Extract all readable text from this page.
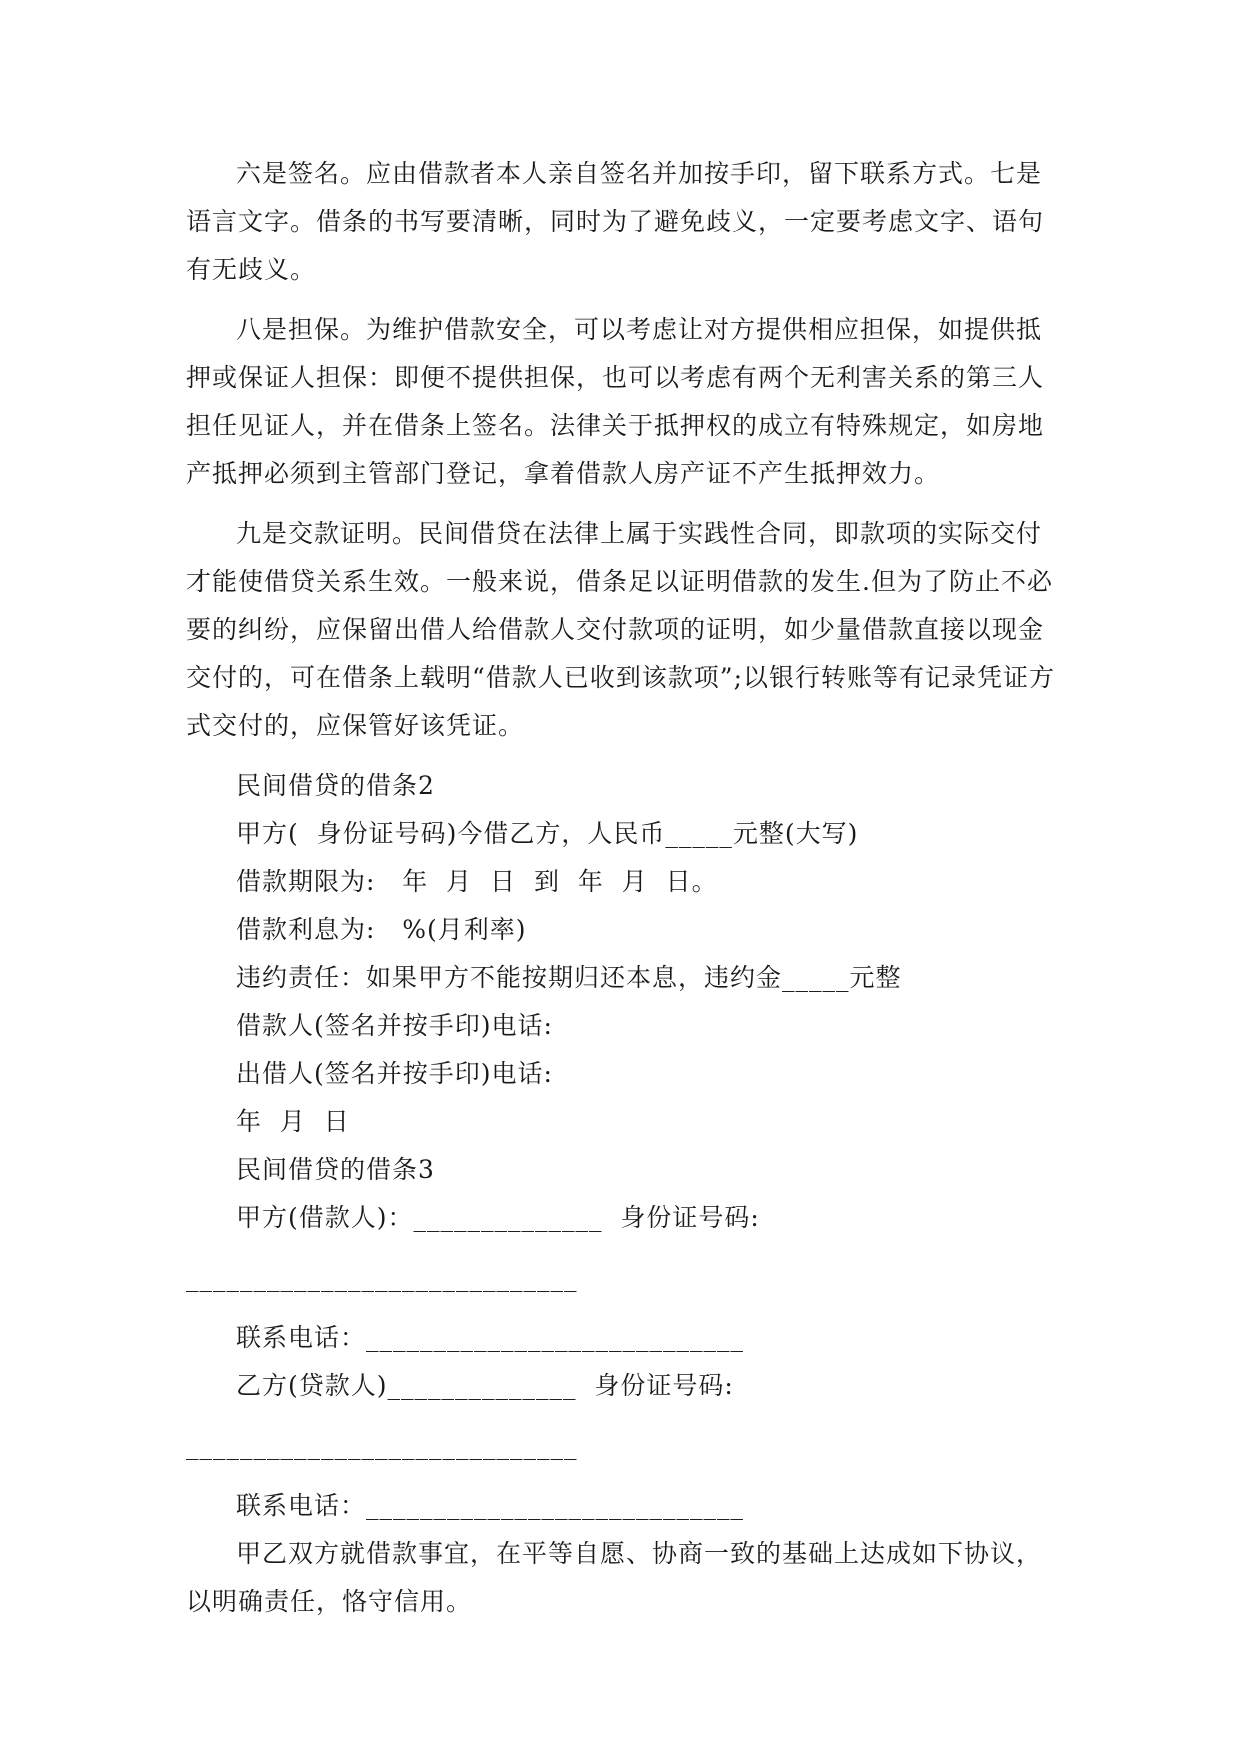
六是签名。应由借款者本人亲自签名并加按手印，留下联系方式。七是语言文字。借条的书写要清晰，同时为了避免歧义，一定要考虑文字、语句有无歧义。

八是担保。为维护借款安全，可以考虑让对方提供相应担保，如提供抵押或保证人担保：即便不提供担保，也可以考虑有两个无利害关系的第三人担任见证人，并在借条上签名。法律关于抵押权的成立有特殊规定，如房地产抵押必须到主管部门登记，拿着借款人房产证不产生抵押效力。

九是交款证明。民间借贷在法律上属于实践性合同，即款项的实际交付才能使借贷关系生效。一般来说，借条足以证明借款的发生.但为了防止不必要的纠纷，应保留出借人给借款人交付款项的证明，如少量借款直接以现金交付的，可在借条上载明“借款人已收到该款项”;以银行转账等有记录凭证方式交付的，应保管好该凭证。

民间借贷的借条2

甲方(  身份证号码)今借乙方，人民币_____元整(大写)

借款期限为:   年  月  日  到  年  月  日。

借款利息为:   %(月利率)

违约责任：如果甲方不能按期归还本息，违约金_____元整

借款人(签名并按手印)电话:

出借人(签名并按手印)电话:

年  月  日

民间借贷的借条3

甲方(借款人)：______________  身份证号码:

_____________________________

联系电话：____________________________

乙方(贷款人)______________  身份证号码:

_____________________________

联系电话：____________________________

甲乙双方就借款事宜，在平等自愿、协商一致的基础上达成如下协议，以明确责任，恪守信用。
